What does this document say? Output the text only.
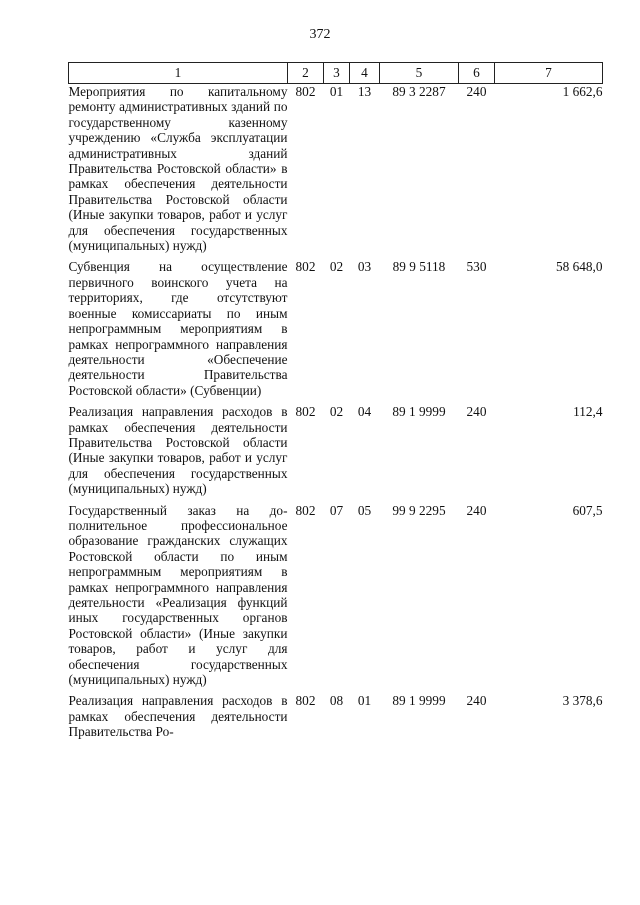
372
1	2	3	4	5	6	7
Мероприятия по капитальному ремонту административных зданий по государственному казенному учреждению «Служба эксплуатации административных зданий Правительства Ростовской области» в рамках обеспечения деятельности Правительства Ростовской области (Иные закупки товаров, работ и услуг для обеспечения государственных (муниципальных) нужд)	802	01	13	89 3 2287	240	1 662,6
Субвенция на осуществление первичного воинского учета на территориях, где отсутствуют военные комиссариаты по иным непрограммным мероприятиям в рамках непрограммного направления деятельности «Обеспечение деятельности Правительства Ростовской области» (Субвенции)	802	02	03	89 9 5118	530	58 648,0
Реализация направления расходов в рамках обеспечения деятельности Правительства Ростовской области (Иные закупки товаров, работ и услуг для обеспечения государственных (муниципальных) нужд)	802	02	04	89 1 9999	240	112,4
Государственный заказ на дополнительное профессиональное образование гражданских служащих Ростовской области по иным непрограммным мероприятиям в рамках непрограммного направления деятельности «Реализация функций иных государственных органов Ростовской области» (Иные закупки товаров, работ и услуг для обеспечения государственных (муниципальных) нужд)	802	07	05	99 9 2295	240	607,5
Реализация направления расходов в рамках обеспечения деятельности Правительства Ро-	802	08	01	89 1 9999	240	3 378,6
